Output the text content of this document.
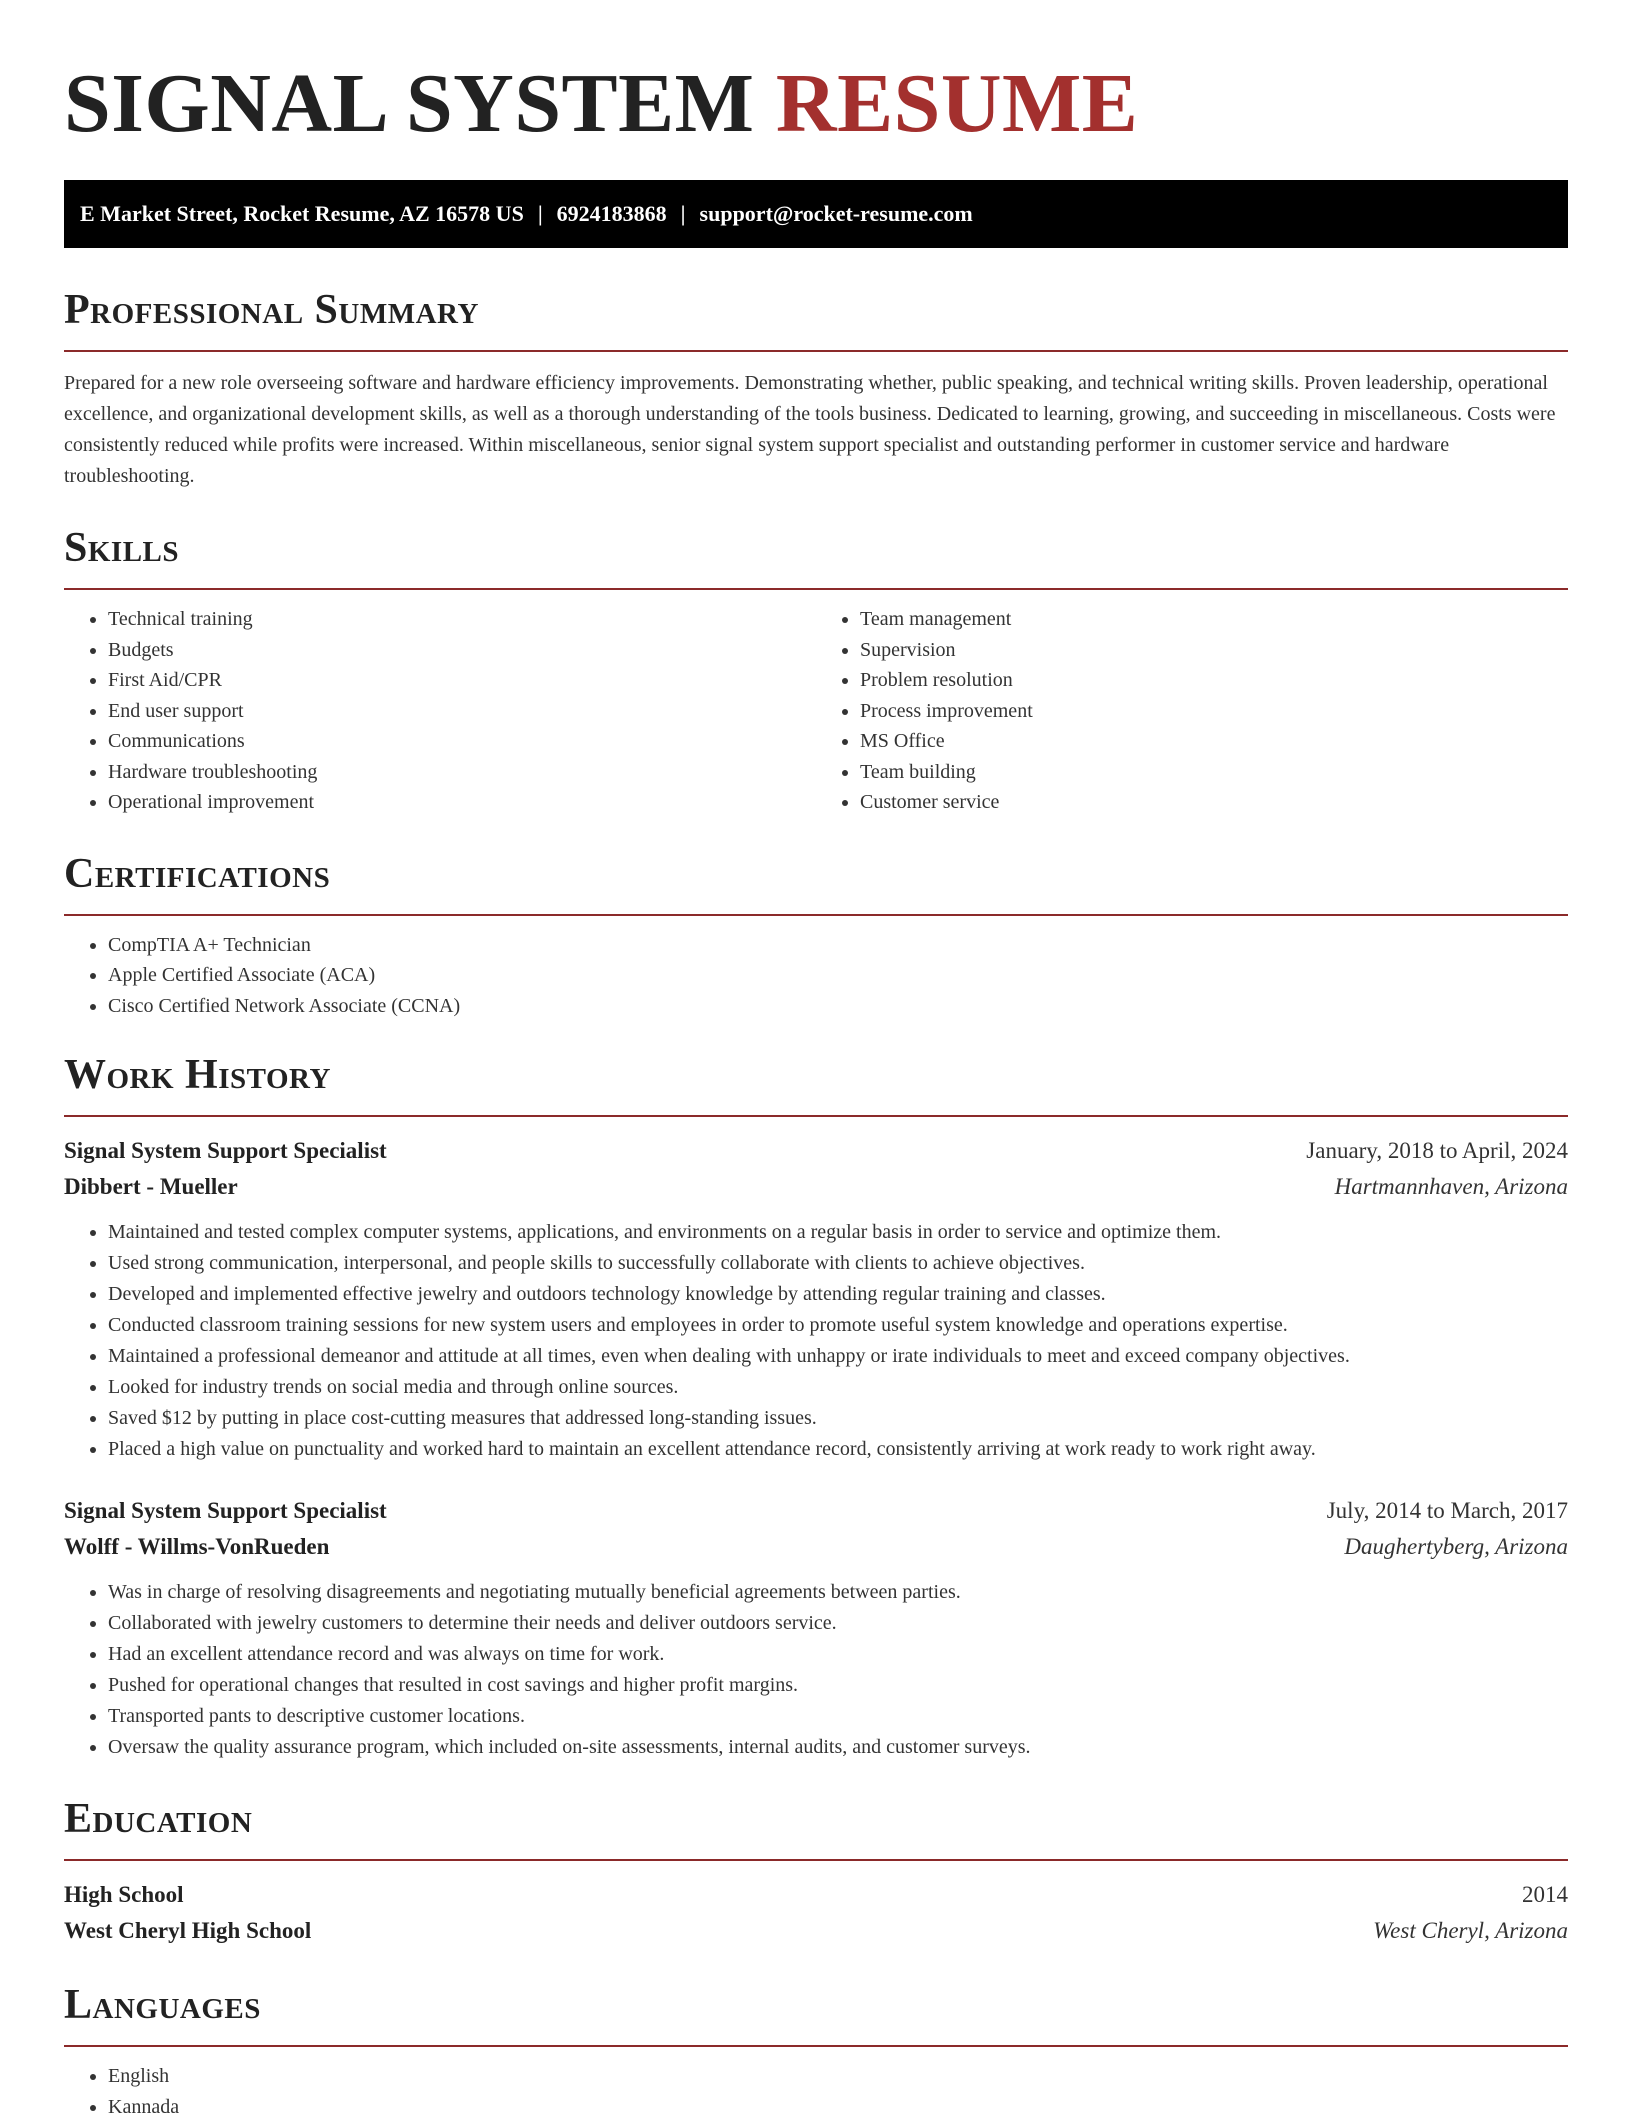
SIGNAL SYSTEM RESUME
E Market Street, Rocket Resume, AZ 16578 US | 6924183868 | support@rocket-resume.com
Professional Summary

Prepared for a new role overseeing software and hardware efficiency improvements. Demonstrating whether, public speaking, and technical writing skills. Proven leadership, operational excellence, and organizational development skills, as well as a thorough understanding of the tools business. Dedicated to learning, growing, and succeeding in miscellaneous. Costs were consistently reduced while profits were increased. Within miscellaneous, senior signal system support specialist and outstanding performer in customer service and hardware troubleshooting.

Skills
• Technical training
• Budgets
• First Aid/CPR
• End user support
• Communications
• Hardware troubleshooting
• Operational improvement
• Team management
• Supervision
• Problem resolution
• Process improvement
• MS Office
• Team building
• Customer service
Certifications
• CompTIA A+ Technician
• Apple Certified Associate (ACA)
• Cisco Certified Network Associate (CCNA)
Work History
Signal System Support Specialist	January, 2018 to April, 2024
Dibbert - Mueller	Hartmannhaven, Arizona
• Maintained and tested complex computer systems, applications, and environments on a regular basis in order to service and optimize them.
• Used strong communication, interpersonal, and people skills to successfully collaborate with clients to achieve objectives.
• Developed and implemented effective jewelry and outdoors technology knowledge by attending regular training and classes.
• Conducted classroom training sessions for new system users and employees in order to promote useful system knowledge and operations expertise.
• Maintained a professional demeanor and attitude at all times, even when dealing with unhappy or irate individuals to meet and exceed company objectives.
• Looked for industry trends on social media and through online sources.
• Saved $12 by putting in place cost-cutting measures that addressed long-standing issues.
• Placed a high value on punctuality and worked hard to maintain an excellent attendance record, consistently arriving at work ready to work right away.
Signal System Support Specialist	July, 2014 to March, 2017
Wolff - Willms-VonRueden	Daughertyberg, Arizona
• Was in charge of resolving disagreements and negotiating mutually beneficial agreements between parties.
• Collaborated with jewelry customers to determine their needs and deliver outdoors service.
• Had an excellent attendance record and was always on time for work.
• Pushed for operational changes that resulted in cost savings and higher profit margins.
• Transported pants to descriptive customer locations.
• Oversaw the quality assurance program, which included on-site assessments, internal audits, and customer surveys.
Education
High School	2014
West Cheryl High School	West Cheryl, Arizona
Languages
• English
• Kannada
